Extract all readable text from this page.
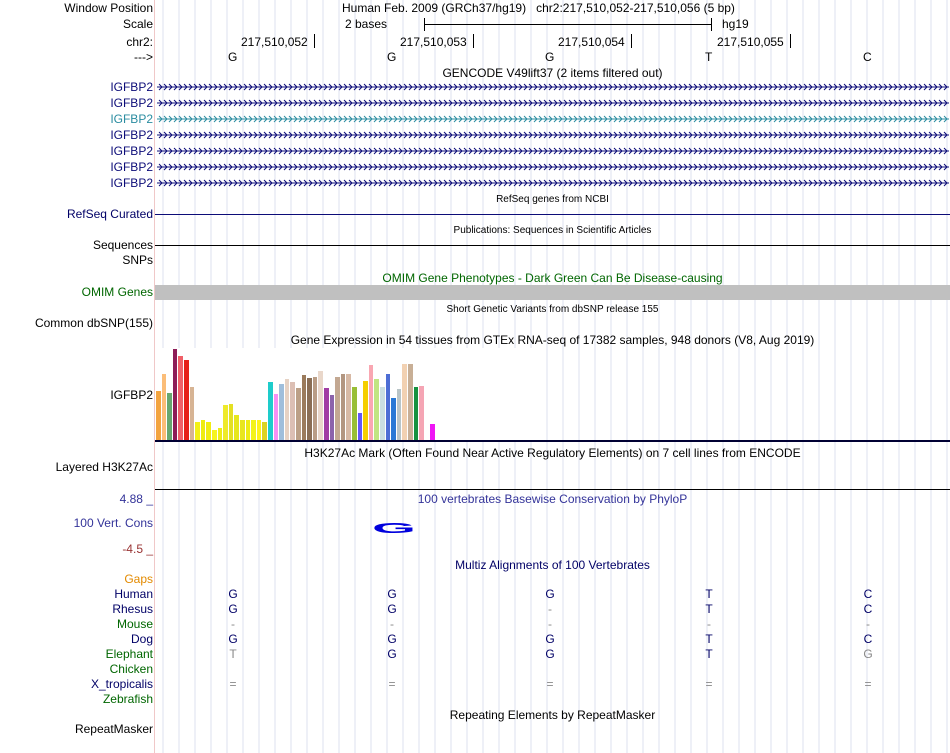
Window Position	Human Feb. 2009 (GRCh37/hg19)   chr2:217,510,052-217,510,056 (5 bp)
Scale	2 bases	hg19
chr2:	217,510,052	217,510,053	217,510,054	217,510,055
--->	G	G	G	T	C
GENCODE V49lift37 (2 items filtered out)
IGFBP2
IGFBP2
IGFBP2
IGFBP2
IGFBP2
IGFBP2
IGFBP2
RefSeq genes from NCBI
RefSeq Curated
Publications: Sequences in Scientific Articles
Sequences
SNPs
OMIM Gene Phenotypes - Dark Green Can Be Disease-causing
OMIM Genes
Short Genetic Variants from dbSNP release 155
Common dbSNP(155)
Gene Expression in 54 tissues from GTEx RNA-seq of 17382 samples, 948 donors (V8, Aug 2019)
IGFBP2
H3K27Ac Mark (Often Found Near Active Regulatory Elements) on 7 cell lines from ENCODE
Layered H3K27Ac
100 vertebrates Basewise Conservation by PhyloP
4.88 _
100 Vert. Cons
-4.5 _
G
Multiz Alignments of 100 Vertebrates
Gaps
Human	G	G	G	T	C
Rhesus	G	G	-	T	C
Mouse	-	-	-	-	-
Dog	G	G	G	T	C
Elephant	T	G	G	T	G
Chicken
X_tropicalis	=	=	=	=	=
Zebrafish
Repeating Elements by RepeatMasker
RepeatMasker
